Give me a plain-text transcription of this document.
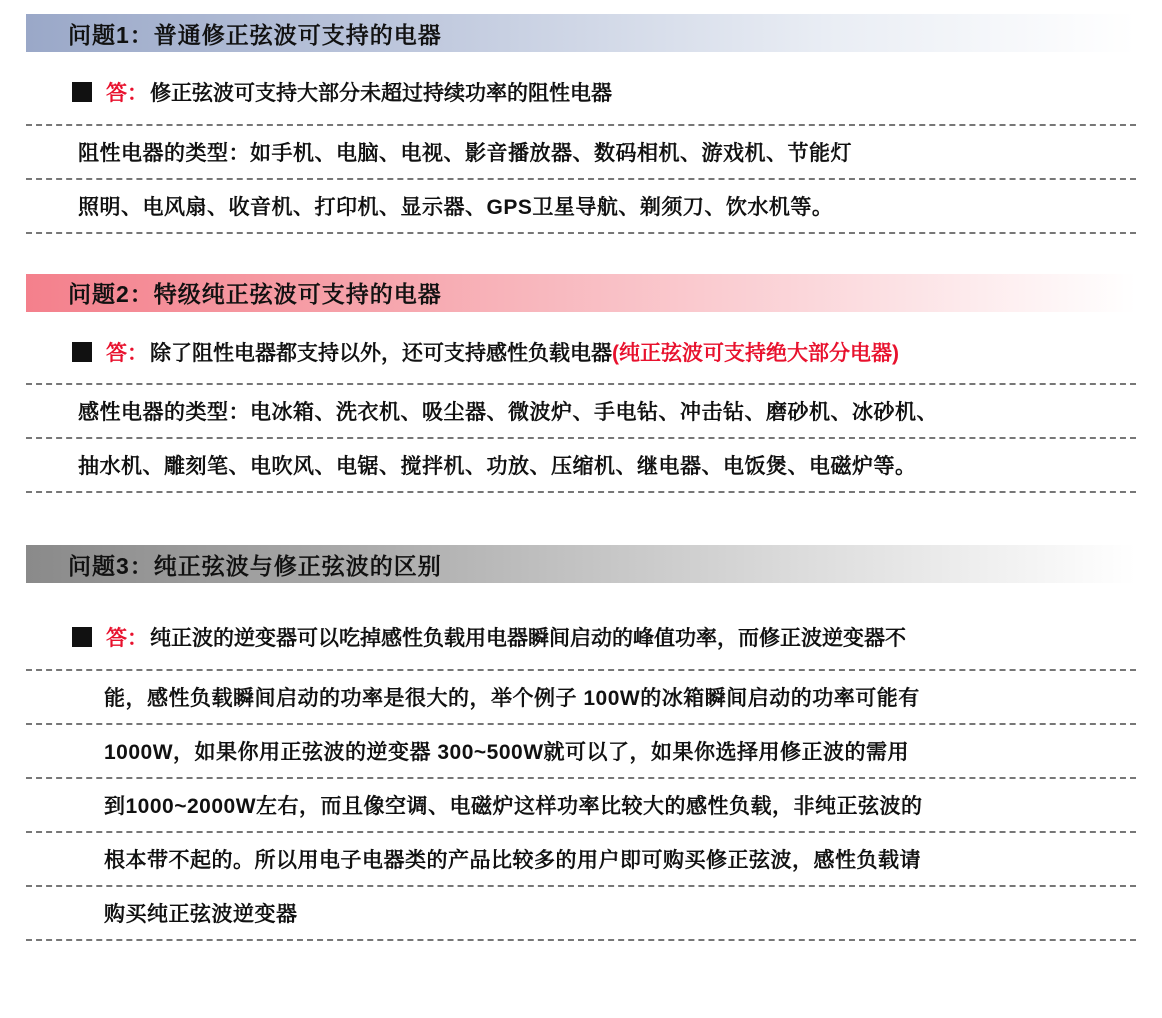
问题1：普通修正弦波可支持的电器
答： 修正弦波可支持大部分未超过持续功率的阻性电器
阻性电器的类型：如手机、电脑、电视、影音播放器、数码相机、游戏机、节能灯
照明、电风扇、收音机、打印机、显示器、GPS卫星导航、剃须刀、饮水机等。
问题2：特级纯正弦波可支持的电器
答： 除了阻性电器都支持以外，还可支持感性负载电器 (纯正弦波可支持绝大部分电器)
感性电器的类型：电冰箱、洗衣机、吸尘器、微波炉、手电钻、冲击钻、磨砂机、冰砂机、
抽水机、雕刻笔、电吹风、电锯、搅拌机、功放、压缩机、继电器、电饭煲、电磁炉等。
问题3：纯正弦波与修正弦波的区别
答： 纯正波的逆变器可以吃掉感性负载用电器瞬间启动的峰值功率，而修正波逆变器不
能，感性负载瞬间启动的功率是很大的，举个例子 100W的冰箱瞬间启动的功率可能有
1000W，如果你用正弦波的逆变器 300~500W就可以了，如果你选择用修正波的需用
到1000~2000W左右，而且像空调、电磁炉这样功率比较大的感性负载，非纯正弦波的
根本带不起的。所以用电子电器类的产品比较多的用户即可购买修正弦波，感性负载请
购买纯正弦波逆变器
